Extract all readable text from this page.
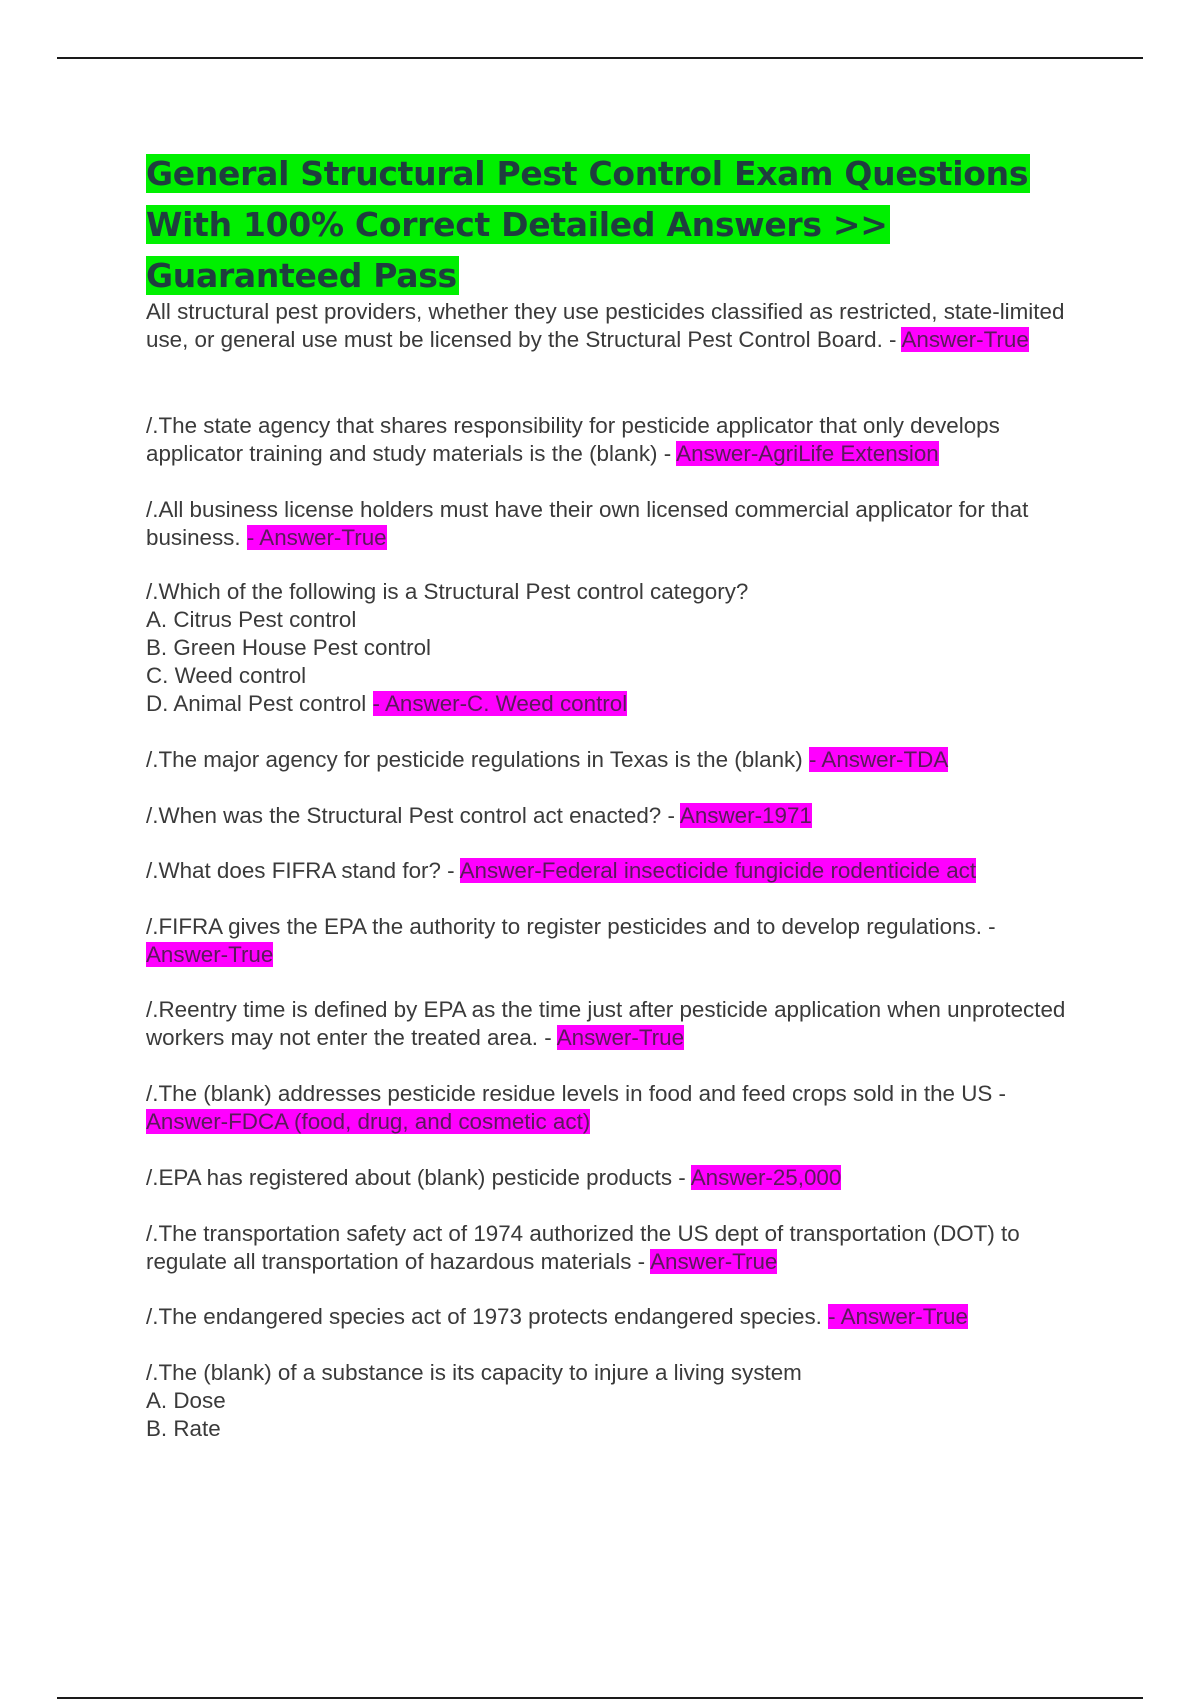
General Structural Pest Control Exam Questions With 100% Correct Detailed Answers >> Guaranteed Pass

All structural pest providers, whether they use pesticides classified as restricted, state-limited use, or general use must be licensed by the Structural Pest Control Board. - Answer-True

/.The state agency that shares responsibility for pesticide applicator that only develops applicator training and study materials is the (blank) - Answer-AgriLife Extension

/.All business license holders must have their own licensed commercial applicator for that business. - Answer-True

/.Which of the following is a Structural Pest control category?
A. Citrus Pest control
B. Green House Pest control
C. Weed control
D. Animal Pest control - Answer-C. Weed control

/.The major agency for pesticide regulations in Texas is the (blank) - Answer-TDA

/.When was the Structural Pest control act enacted? - Answer-1971

/.What does FIFRA stand for? - Answer-Federal insecticide fungicide rodenticide act

/.FIFRA gives the EPA the authority to register pesticides and to develop regulations. - Answer-True

/.Reentry time is defined by EPA as the time just after pesticide application when unprotected workers may not enter the treated area. - Answer-True

/.The (blank) addresses pesticide residue levels in food and feed crops sold in the US - Answer-FDCA (food, drug, and cosmetic act)

/.EPA has registered about (blank) pesticide products - Answer-25,000

/.The transportation safety act of 1974 authorized the US dept of transportation (DOT) to regulate all transportation of hazardous materials - Answer-True

/.The endangered species act of 1973 protects endangered species. - Answer-True

/.The (blank) of a substance is its capacity to injure a living system
A. Dose
B. Rate
